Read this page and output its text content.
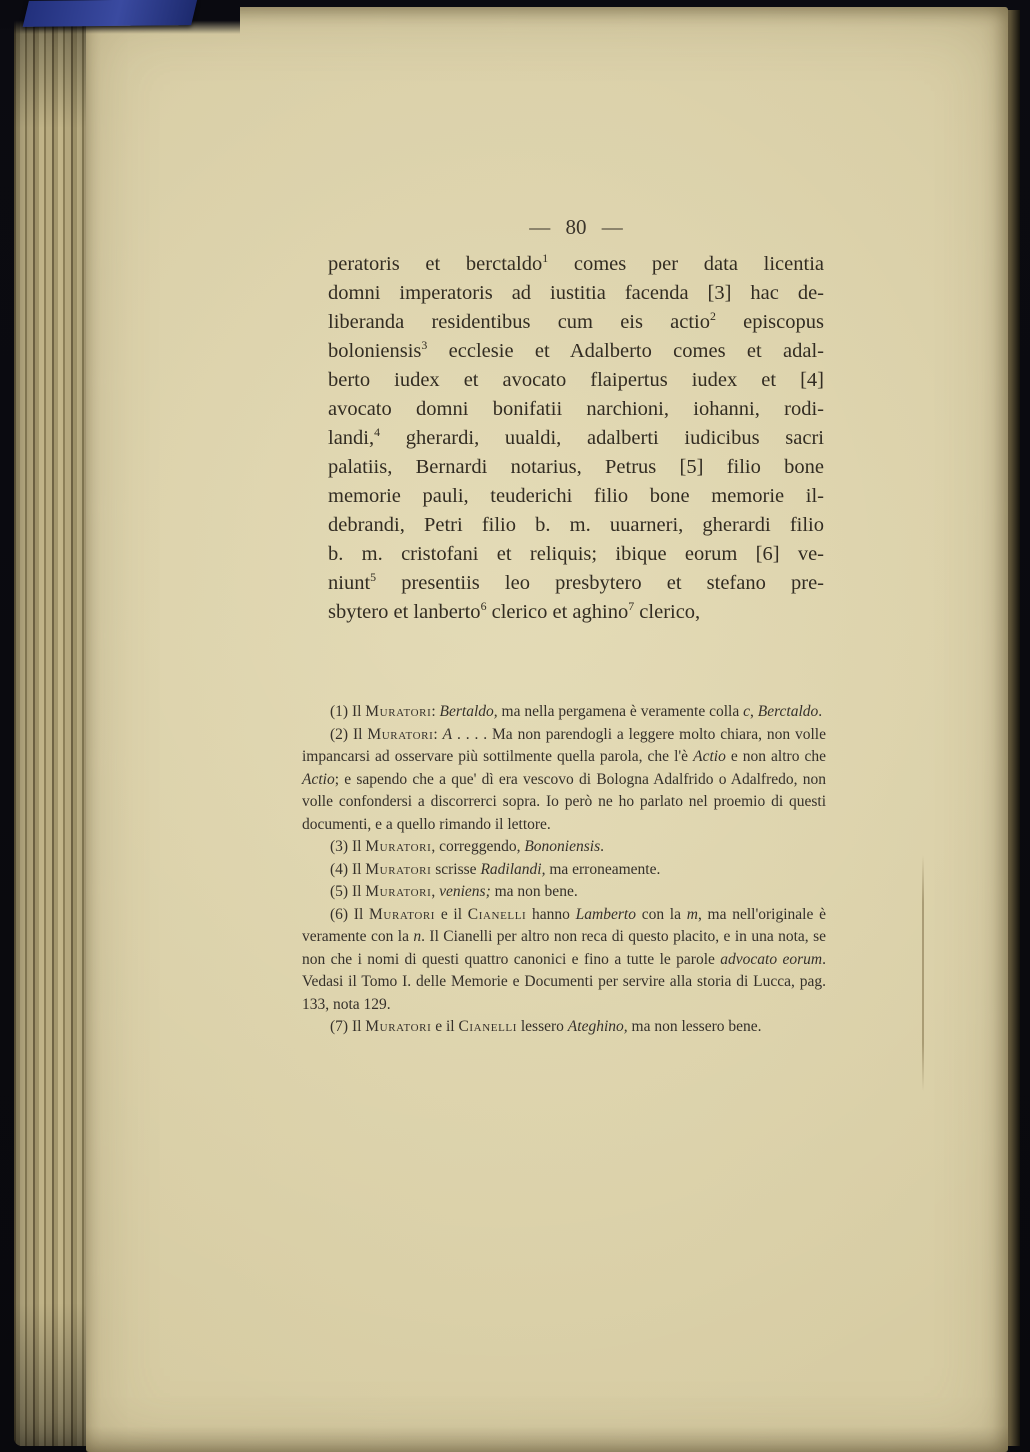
— 80 —
peratoris et berctaldo$^1$ comes per data licentia
domni imperatoris ad iustitia facenda [3] hac de-
liberanda residentibus cum eis actio$^2$ episcopus
boloniensis$^3$ ecclesie et Adalberto comes et adal-
berto iudex et avocato flaipertus iudex et [4]
avocato domni bonifatii narchioni, iohanni, rodi-
landi,$^4$ gherardi, uualdi, adalberti iudicibus sacri
palatiis, Bernardi notarius, Petrus [5] filio bone
memorie pauli, teuderichi filio bone memorie il-
debrandi, Petri filio b. m. uuarneri, gherardi filio
b. m. cristofani et reliquis; ibique eorum [6] ve-
niunt$^5$ presentiis leo presbytero et stefano pre-
sbytero et lanberto$^6$ clerico et aghino$^7$ clerico,

(1) Il Muratori: Bertaldo, ma nella pergamena è veramente colla c, Berctaldo.

(2) Il Muratori: A . . . . Ma non parendogli a leggere molto chiara, non volle impancarsi ad osservare più sottilmente quella parola, che l'è Actio e non altro che Actio; e sapendo che a que' dì era vescovo di Bologna Adalfrido o Adalfredo, non volle confondersi a discorrerci sopra. Io però ne ho parlato nel proemio di questi documenti, e a quello rimando il lettore.

(3) Il Muratori, correggendo, Bononiensis.

(4) Il Muratori scrisse Radilandi, ma erroneamente.

(5) Il Muratori, veniens; ma non bene.

(6) Il Muratori e il Cianelli hanno Lamberto con la m, ma nell'originale è veramente con la n. Il Cianelli per altro non reca di questo placito, e in una nota, se non che i nomi di questi quattro canonici e fino a tutte le parole advocato eorum. Vedasi il Tomo I. delle Memorie e Documenti per servire alla storia di Lucca, pag. 133, nota 129.

(7) Il Muratori e il Cianelli lessero Ateghino, ma non lessero bene.
